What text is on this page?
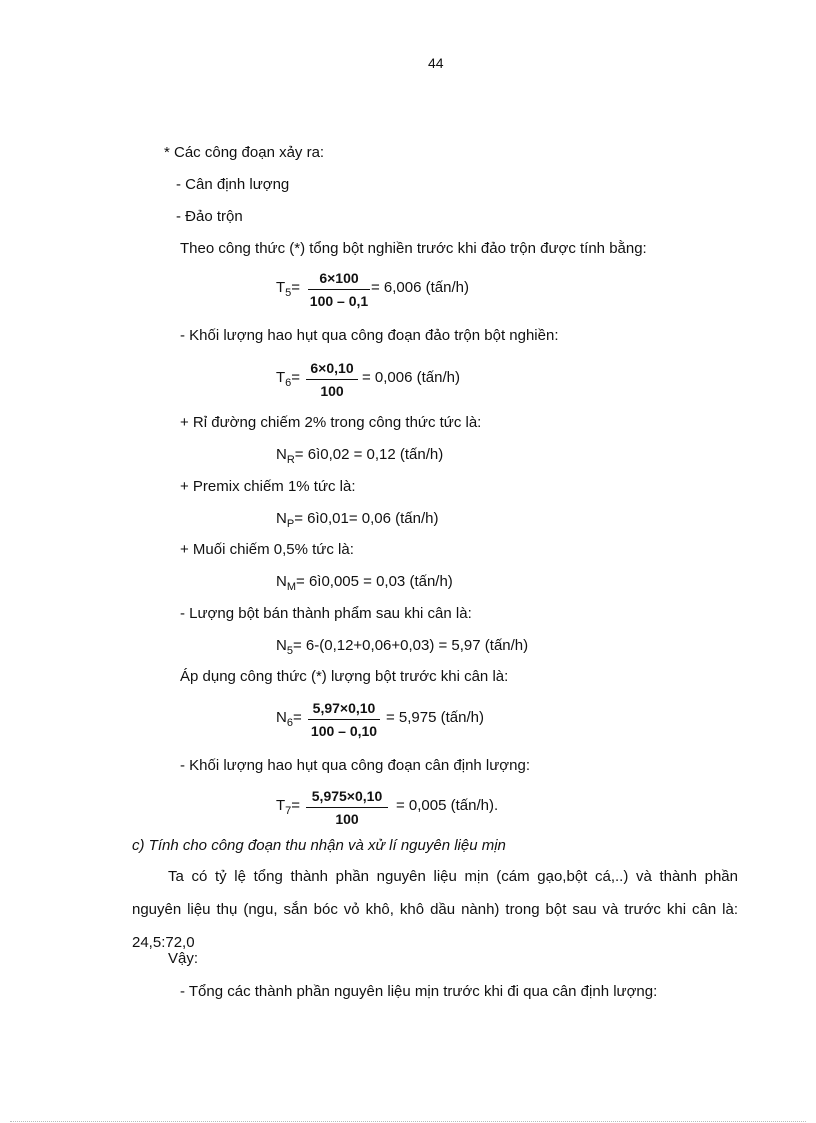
44
* Các công đoạn xảy ra:
- Cân định lượng
- Đảo trộn
Theo công thức (*) tổng bột nghiền trước khi đảo trộn được tính bằng:
$T_5= \frac{6\times 100}{100 - 0,1} = 6,006$ (tấn/h)
- Khối lượng hao hụt qua công đoạn đảo trộn bột nghiền:
$T_6= \frac{6\times 0,10}{100} = 0,006$ (tấn/h)
+ Rỉ đường chiếm 2% trong công thức tức là:
$N_R=$ 6ì0,02 = 0,12 (tấn/h)
+ Premix chiếm 1% tức là:
$N_P=$ 6ì0,01= 0,06 (tấn/h)
+ Muối chiếm 0,5% tức là:
$N_M=$ 6ì0,005 = 0,03 (tấn/h)
- Lượng bột bán thành phẩm sau khi cân là:
$N_5= 6-(0,12+0,06+0,03) = 5,97$ (tấn/h)
Áp dụng công thức (*) lượng bột trước khi cân là:
$N_6= \frac{5,97\times 0,10}{100 - 0,10} = 5,975$ (tấn/h)
- Khối lượng hao hụt qua công đoạn cân định lượng:
$T_7= \frac{5,975\times 0,10}{100} = 0,005$ (tấn/h).
c) Tính cho công đoạn thu nhận và xử lí nguyên liệu mịn
Ta có tỷ lệ tổng thành phần nguyên liệu mịn (cám gạo,bột cá,..) và thành phần nguyên liệu thụ (ngu, sắn bóc vỏ khô, khô dầu nành) trong bột sau và trước khi cân là: 24,5:72,0
Vậy:
- Tổng các thành phần nguyên liệu mịn trước khi đi qua cân định lượng:
